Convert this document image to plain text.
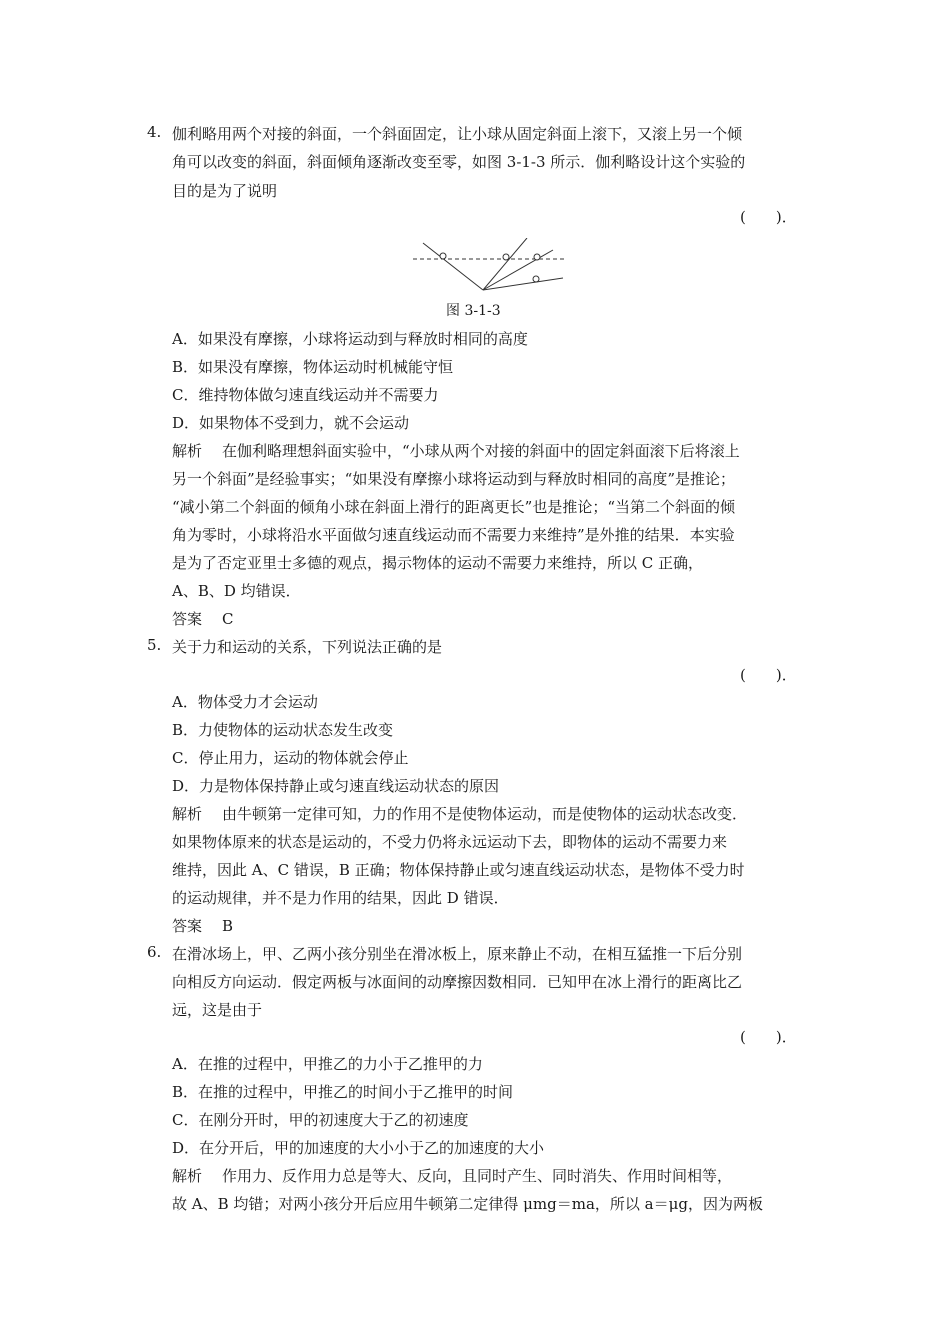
4. 伽利略用两个对接的斜面，一个斜面固定，让小球从固定斜面上滚下，又滚上另一个倾
角可以改变的斜面，斜面倾角逐渐改变至零，如图 3-1-3 所示．伽利略设计这个实验的
目的是为了说明
(　　)．
图 3-1-3
A．如果没有摩擦，小球将运动到与释放时相同的高度
B．如果没有摩擦，物体运动时机械能守恒
C．维持物体做匀速直线运动并不需要力
D．如果物体不受到力，就不会运动
解析 在伽利略理想斜面实验中，“小球从两个对接的斜面中的固定斜面滚下后将滚上
另一个斜面”是经验事实；“如果没有摩擦小球将运动到与释放时相同的高度”是推论；
“减小第二个斜面的倾角小球在斜面上滑行的距离更长”也是推论；“当第二个斜面的倾
角为零时，小球将沿水平面做匀速直线运动而不需要力来维持”是外推的结果．本实验
是为了否定亚里士多德的观点，揭示物体的运动不需要力来维持，所以 C 正确，
A、B、D 均错误．
答案 C
5. 关于力和运动的关系，下列说法正确的是
(　　)．
A．物体受力才会运动
B．力使物体的运动状态发生改变
C．停止用力，运动的物体就会停止
D．力是物体保持静止或匀速直线运动状态的原因
解析 由牛顿第一定律可知，力的作用不是使物体运动，而是使物体的运动状态改变．
如果物体原来的状态是运动的，不受力仍将永远运动下去，即物体的运动不需要力来
维持，因此 A、C 错误，B 正确；物体保持静止或匀速直线运动状态，是物体不受力时
的运动规律，并不是力作用的结果，因此 D 错误．
答案 B
6. 在滑冰场上，甲、乙两小孩分别坐在滑冰板上，原来静止不动，在相互猛推一下后分别
向相反方向运动．假定两板与冰面间的动摩擦因数相同．已知甲在冰上滑行的距离比乙
远，这是由于
(　　)．
A．在推的过程中，甲推乙的力小于乙推甲的力
B．在推的过程中，甲推乙的时间小于乙推甲的时间
C．在刚分开时，甲的初速度大于乙的初速度
D．在分开后，甲的加速度的大小小于乙的加速度的大小
解析 作用力、反作用力总是等大、反向，且同时产生、同时消失、作用时间相等，
故 A、B 均错；对两小孩分开后应用牛顿第二定律得 μmg＝ma，所以 a＝μg，因为两板
